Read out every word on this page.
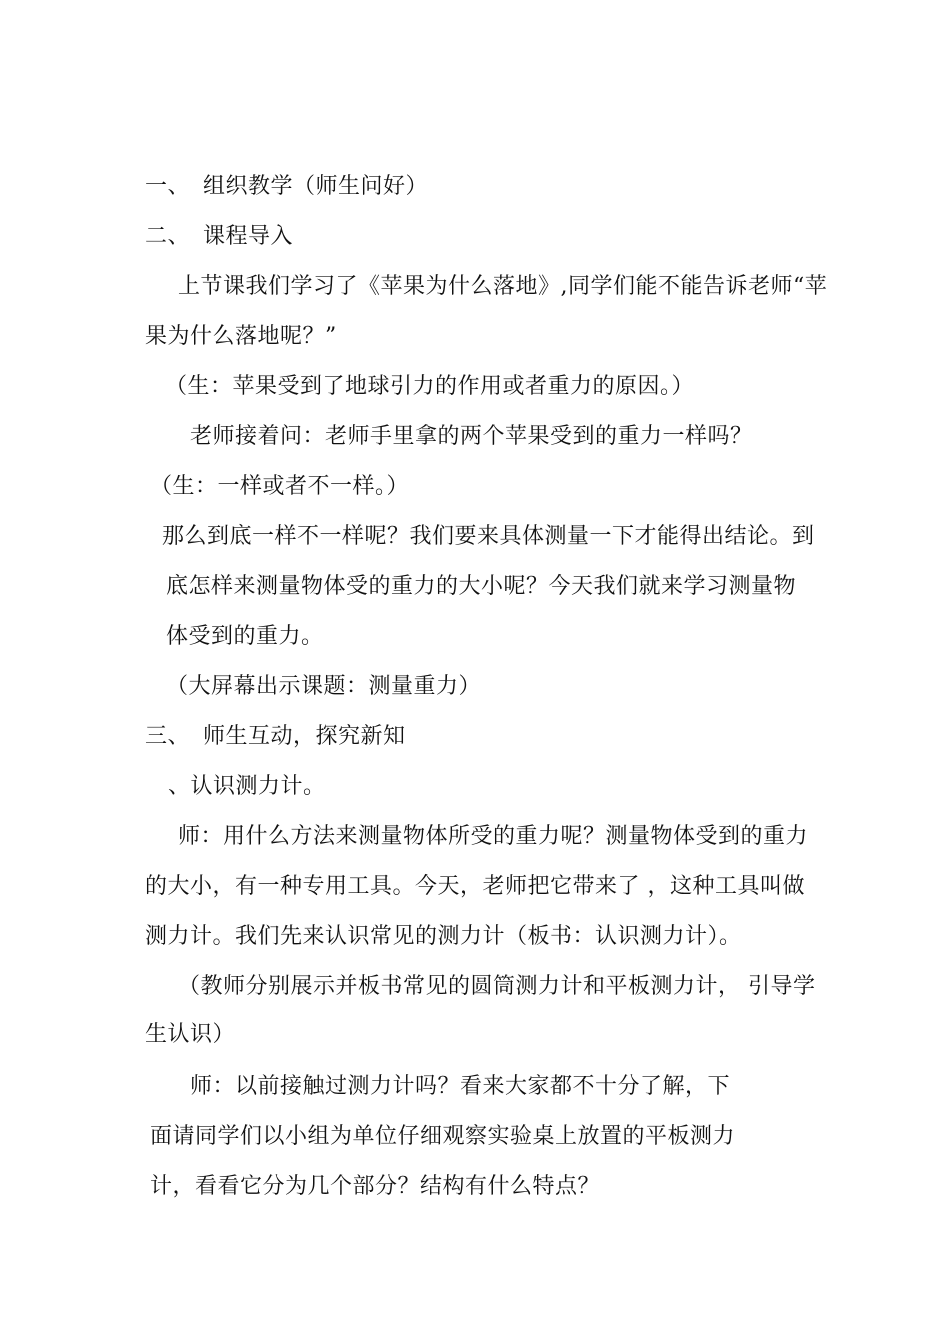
一、 组织教学（师生问好）
二、 课程导入
上节课我们学习了《苹果为什么落地》,同学们能不能告诉老师“苹
果为什么落地呢？”
（生：苹果受到了地球引力的作用或者重力的原因。）
老师接着问：老师手里拿的两个苹果受到的重力一样吗？
（生：一样或者不一样。）
那么到底一样不一样呢？我们要来具体测量一下才能得出结论。到
底怎样来测量物体受的重力的大小呢？今天我们就来学习测量物
体受到的重力。
（大屏幕出示课题：测量重力）
三、 师生互动，探究新知
、认识测力计。
师：用什么方法来测量物体所受的重力呢？测量物体受到的重力
的大小，有一种专用工具。今天，老师把它带来了 ，这种工具叫做
测力计。我们先来认识常见的测力计（板书：认识测力计）。
（教师分别展示并板书常见的圆筒测力计和平板测力计， 引导学
生认识）
师：以前接触过测力计吗？看来大家都不十分了解，下
面请同学们以小组为单位仔细观察实验桌上放置的平板测力
计，看看它分为几个部分？结构有什么特点？
